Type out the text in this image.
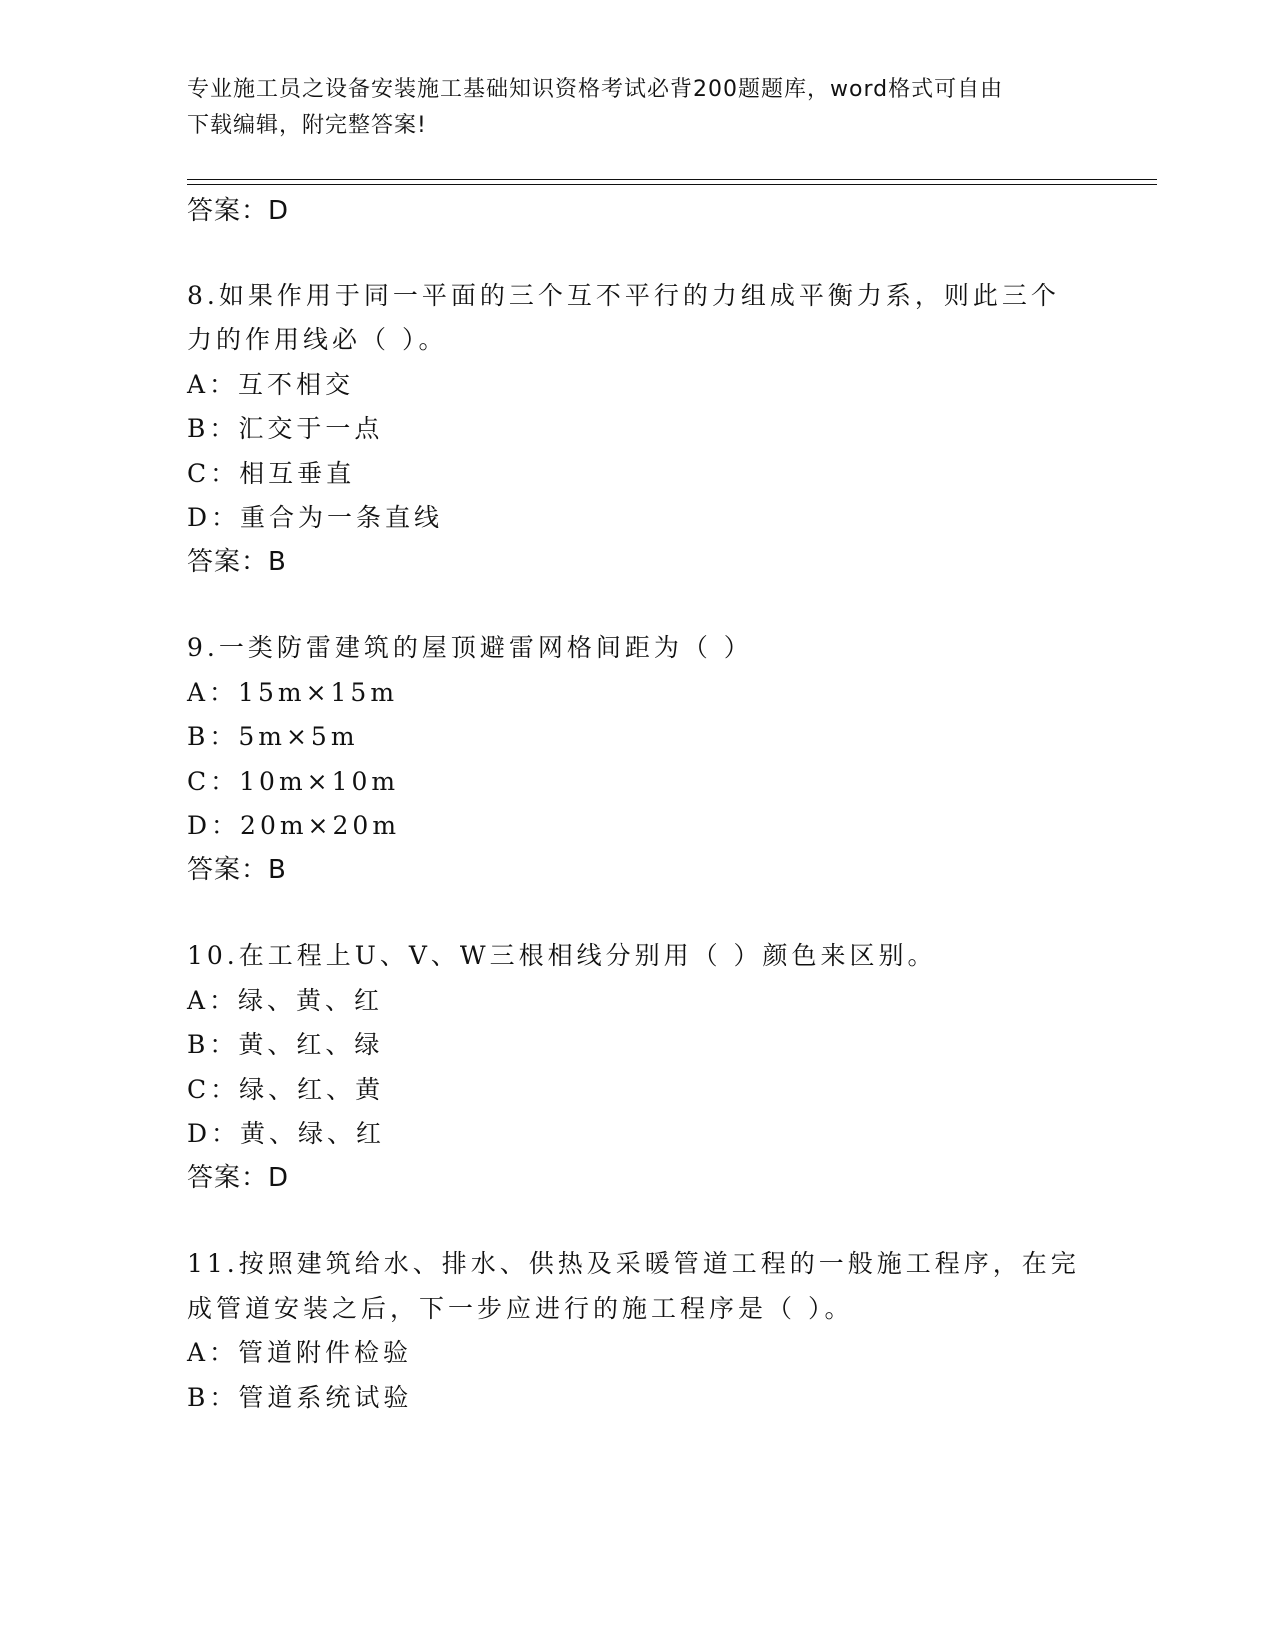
专业施工员之设备安装施工基础知识资格考试必背200题题库，word格式可自由
下载编辑，附完整答案!
答案：D
8.如果作用于同一平面的三个互不平行的力组成平衡力系，则此三个
力的作用线必（ ）。
A：互不相交
B：汇交于一点
C：相互垂直
D：重合为一条直线
答案：B
9.一类防雷建筑的屋顶避雷网格间距为（ ）
A：15m×15m
B：5m×5m
C：10m×10m
D：20m×20m
答案：B
10.在工程上U、V、W三根相线分别用（ ）颜色来区别。
A：绿、黄、红
B：黄、红、绿
C：绿、红、黄
D：黄、绿、红
答案：D
11.按照建筑给水、排水、供热及采暖管道工程的一般施工程序，在完
成管道安装之后，下一步应进行的施工程序是（ ）。
A：管道附件检验
B：管道系统试验
